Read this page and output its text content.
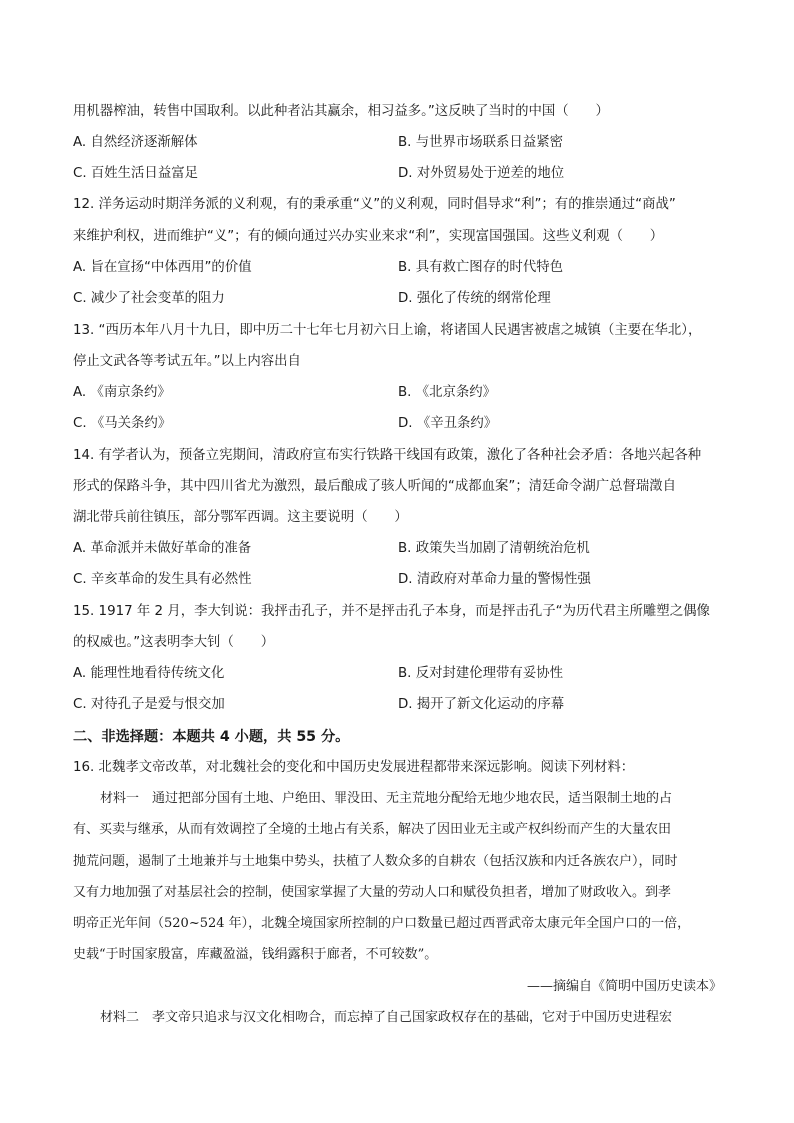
用机器榨油，转售中国取利。以此种者沾其赢余，相习益多。”这反映了当时的中国（　　）
A. 自然经济逐渐解体	B. 与世界市场联系日益紧密
C. 百姓生活日益富足	D. 对外贸易处于逆差的地位
12. 洋务运动时期洋务派的义利观，有的秉承重“义”的义利观，同时倡导求“利”；有的推崇通过“商战”
来维护利权，进而维护“义”；有的倾向通过兴办实业来求“利”，实现富国强国。这些义利观（　　）
A. 旨在宣扬“中体西用”的价值	B. 具有救亡图存的时代特色
C. 减少了社会变革的阻力	D. 强化了传统的纲常伦理
13. “西历本年八月十九日，即中历二十七年七月初六日上谕，将诸国人民遇害被虐之城镇（主要在华北），
停止文武各等考试五年。”以上内容出自
A. 《南京条约》	B. 《北京条约》
C. 《马关条约》	D. 《辛丑条约》
14. 有学者认为，预备立宪期间，清政府宣布实行铁路干线国有政策，激化了各种社会矛盾：各地兴起各种
形式的保路斗争，其中四川省尤为激烈，最后酿成了骇人听闻的“成都血案”；清廷命令湖广总督瑞澂自
湖北带兵前往镇压，部分鄂军西调。这主要说明（　　）
A. 革命派并未做好革命的准备	B. 政策失当加剧了清朝统治危机
C. 辛亥革命的发生具有必然性	D. 清政府对革命力量的警惕性强
15. 1917 年 2 月，李大钊说：我抨击孔子，并不是抨击孔子本身，而是抨击孔子“为历代君主所雕塑之偶像
的权威也。”这表明李大钊（　　）
A. 能理性地看待传统文化	B. 反对封建伦理带有妥协性
C. 对待孔子是爱与恨交加	D. 揭开了新文化运动的序幕
二、非选择题：本题共 4 小题，共 55 分。
16. 北魏孝文帝改革，对北魏社会的变化和中国历史发展进程都带来深远影响。阅读下列材料：
材料一　通过把部分国有土地、户绝田、罪没田、无主荒地分配给无地少地农民，适当限制土地的占
有、买卖与继承，从而有效调控了全境的土地占有关系，解决了因田业无主或产权纠纷而产生的大量农田
抛荒问题，遏制了土地兼并与土地集中势头，扶植了人数众多的自耕农（包括汉族和内迁各族农户），同时
又有力地加强了对基层社会的控制，使国家掌握了大量的劳动人口和赋役负担者，增加了财政收入。到孝
明帝正光年间（520~524 年），北魏全境国家所控制的户口数量已超过西晋武帝太康元年全国户口的一倍，
史载“于时国家殷富，库藏盈溢，钱绢露积于廊者，不可较数”。
——摘编自《简明中国历史读本》
材料二　孝文帝只追求与汉文化相吻合，而忘掉了自己国家政权存在的基础，它对于中国历史进程宏
